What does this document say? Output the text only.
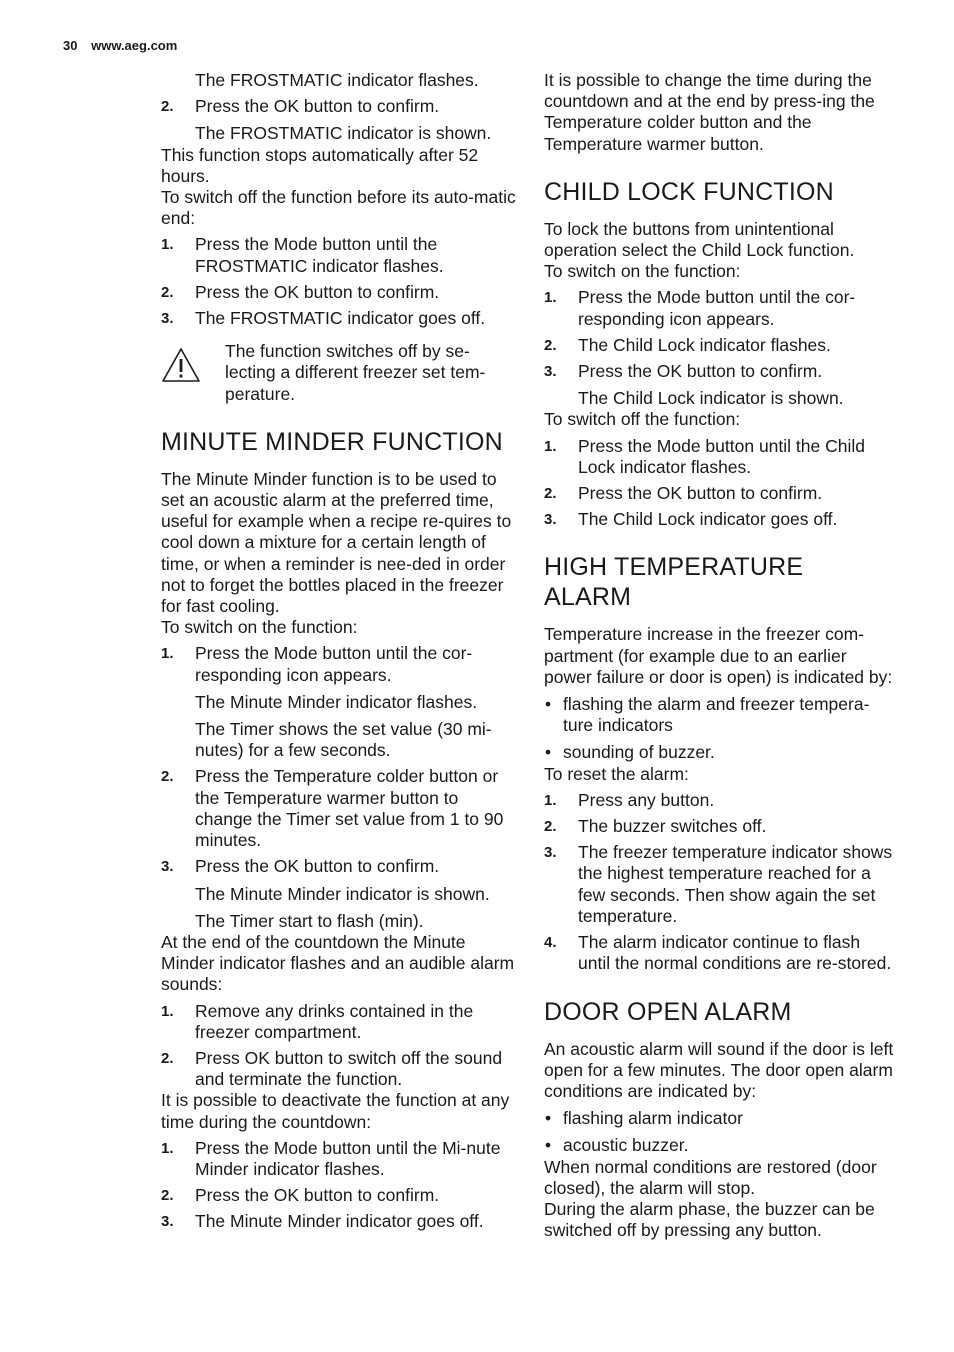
30 www.aeg.com

The FROSTMATIC indicator flashes.

2. Press the OK button to confirm.

The FROSTMATIC indicator is shown.

This function stops automatically after 52 hours.

To switch off the function before its auto-matic end:

1. Press the Mode button until the FROSTMATIC indicator flashes.
2. Press the OK button to confirm.
3. The FROSTMATIC indicator goes off.

The function switches off by se-lecting a different freezer set tem-perature.

MINUTE MINDER FUNCTION

The Minute Minder function is to be used to set an acoustic alarm at the preferred time, useful for example when a recipe re-quires to cool down a mixture for a certain length of time, or when a reminder is nee-ded in order not to forget the bottles placed in the freezer for fast cooling.

To switch on the function:

1. Press the Mode button until the cor-responding icon appears.

The Minute Minder indicator flashes.

The Timer shows the set value (30 mi-nutes) for a few seconds.

2. Press the Temperature colder button or the Temperature warmer button to change the Timer set value from 1 to 90 minutes.
3. Press the OK button to confirm.

The Minute Minder indicator is shown.

The Timer start to flash (min).

At the end of the countdown the Minute Minder indicator flashes and an audible alarm sounds:

1. Remove any drinks contained in the freezer compartment.
2. Press OK button to switch off the sound and terminate the function.

It is possible to deactivate the function at any time during the countdown:

1. Press the Mode button until the Mi-nute Minder indicator flashes.
2. Press the OK button to confirm.
3. The Minute Minder indicator goes off.

It is possible to change the time during the countdown and at the end by press-ing the Temperature colder button and the Temperature warmer button.

CHILD LOCK FUNCTION

To lock the buttons from unintentional operation select the Child Lock function.

To switch on the function:

1. Press the Mode button until the cor-responding icon appears.
2. The Child Lock indicator flashes.
3. Press the OK button to confirm.

The Child Lock indicator is shown.

To switch off the function:

1. Press the Mode button until the Child Lock indicator flashes.
2. Press the OK button to confirm.
3. The Child Lock indicator goes off.
HIGH TEMPERATURE ALARM

Temperature increase in the freezer com-partment (for example due to an earlier power failure or door is open) is indicated by:

• flashing the alarm and freezer tempera-ture indicators
• sounding of buzzer.

To reset the alarm:

1. Press any button.
2. The buzzer switches off.
3. The freezer temperature indicator shows the highest temperature reached for a few seconds. Then show again the set temperature.
4. The alarm indicator continue to flash until the normal conditions are re-stored.
DOOR OPEN ALARM

An acoustic alarm will sound if the door is left open for a few minutes. The door open alarm conditions are indicated by:

• flashing alarm indicator
• acoustic buzzer.

When normal conditions are restored (door closed), the alarm will stop.

During the alarm phase, the buzzer can be switched off by pressing any button.
